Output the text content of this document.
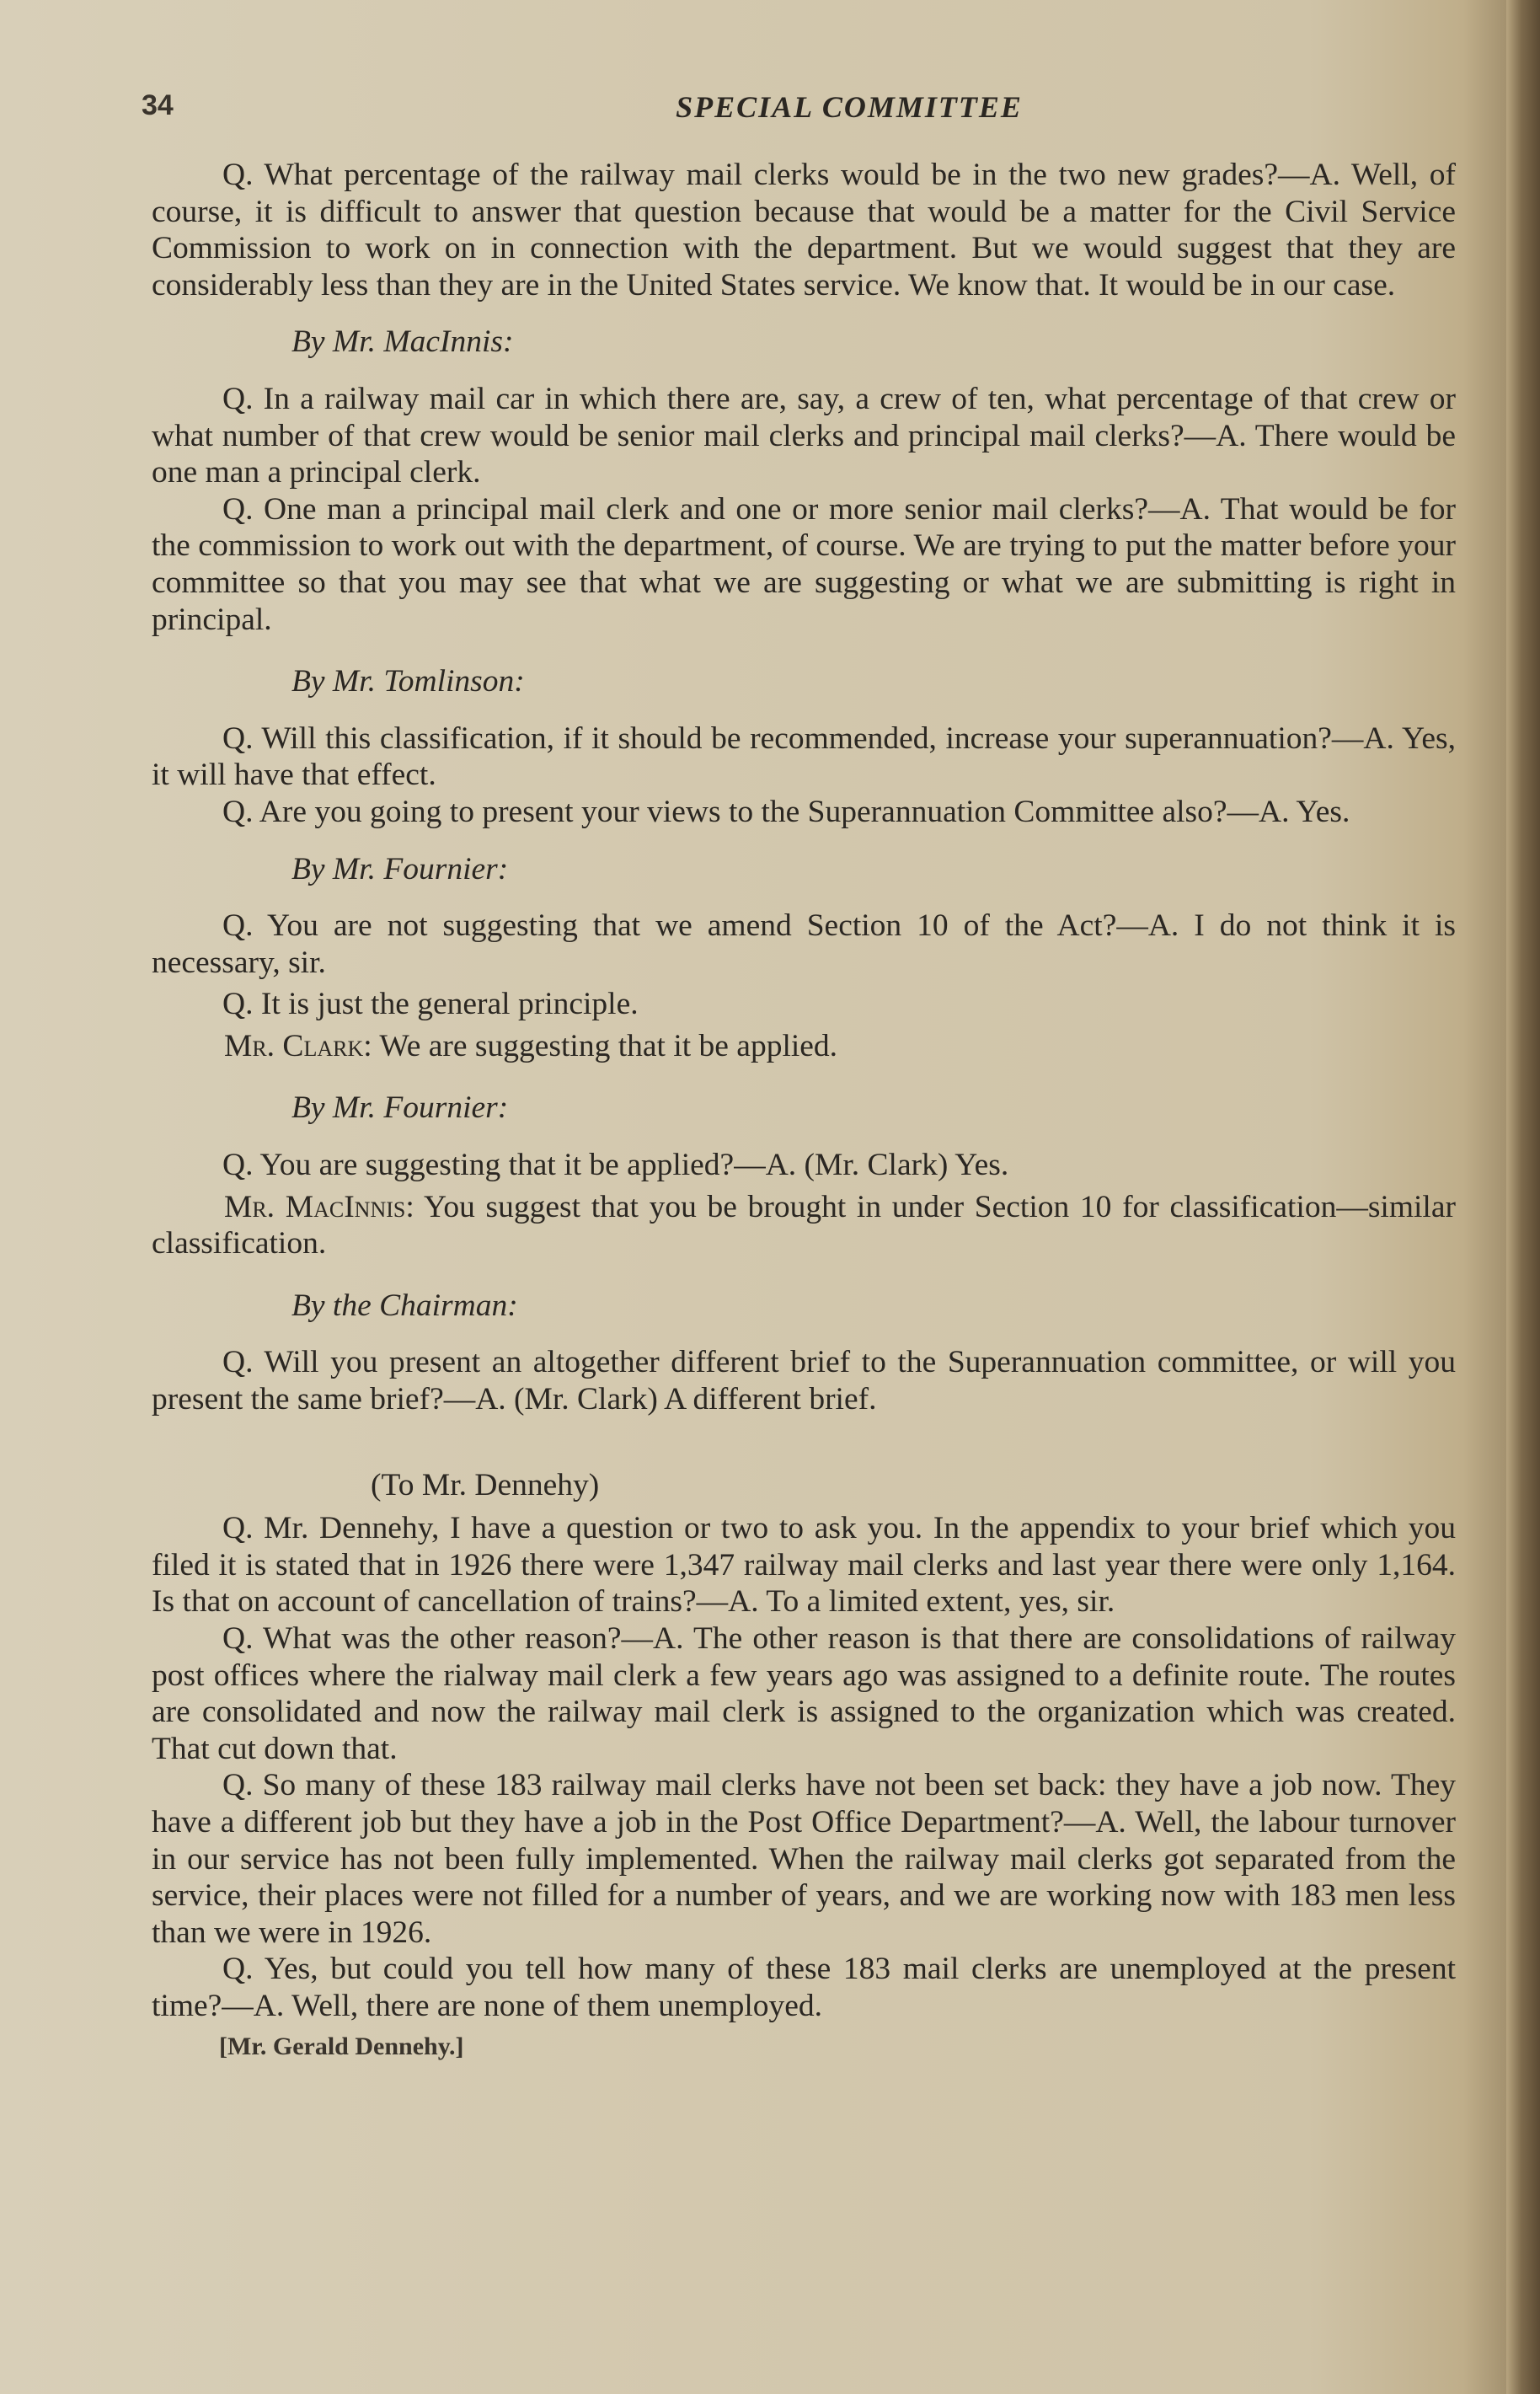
34	SPECIAL COMMITTEE

Q. What percentage of the railway mail clerks would be in the two new grades?—A. Well, of course, it is difficult to answer that question because that would be a matter for the Civil Service Commission to work on in connection with the department. But we would suggest that they are considerably less than they are in the United States service. We know that. It would be in our case.

By Mr. MacInnis:

Q. In a railway mail car in which there are, say, a crew of ten, what percentage of that crew or what number of that crew would be senior mail clerks and principal mail clerks?—A. There would be one man a principal clerk.

Q. One man a principal mail clerk and one or more senior mail clerks?—A. That would be for the commission to work out with the department, of course. We are trying to put the matter before your committee so that you may see that what we are suggesting or what we are submitting is right in principal.

By Mr. Tomlinson:

Q. Will this classification, if it should be recommended, increase your superannuation?—A. Yes, it will have that effect.

Q. Are you going to present your views to the Superannuation Committee also?—A. Yes.

By Mr. Fournier:

Q. You are not suggesting that we amend Section 10 of the Act?—A. I do not think it is necessary, sir.

Q. It is just the general principle.

Mr. Clark: We are suggesting that it be applied.

By Mr. Fournier:

Q. You are suggesting that it be applied?—A. (Mr. Clark) Yes.

Mr. MacInnis: You suggest that you be brought in under Section 10 for classification—similar classification.

By the Chairman:

Q. Will you present an altogether different brief to the Superannuation committee, or will you present the same brief?—A. (Mr. Clark) A different brief.

(To Mr. Dennehy)

Q. Mr. Dennehy, I have a question or two to ask you. In the appendix to your brief which you filed it is stated that in 1926 there were 1,347 railway mail clerks and last year there were only 1,164. Is that on account of cancellation of trains?—A. To a limited extent, yes, sir.

Q. What was the other reason?—A. The other reason is that there are consolidations of railway post offices where the rialway mail clerk a few years ago was assigned to a definite route. The routes are consolidated and now the railway mail clerk is assigned to the organization which was created. That cut down that.

Q. So many of these 183 railway mail clerks have not been set back: they have a job now. They have a different job but they have a job in the Post Office Department?—A. Well, the labour turnover in our service has not been fully implemented. When the railway mail clerks got separated from the service, their places were not filled for a number of years, and we are working now with 183 men less than we were in 1926.

Q. Yes, but could you tell how many of these 183 mail clerks are unemployed at the present time?—A. Well, there are none of them unemployed.

[Mr. Gerald Dennehy.]
